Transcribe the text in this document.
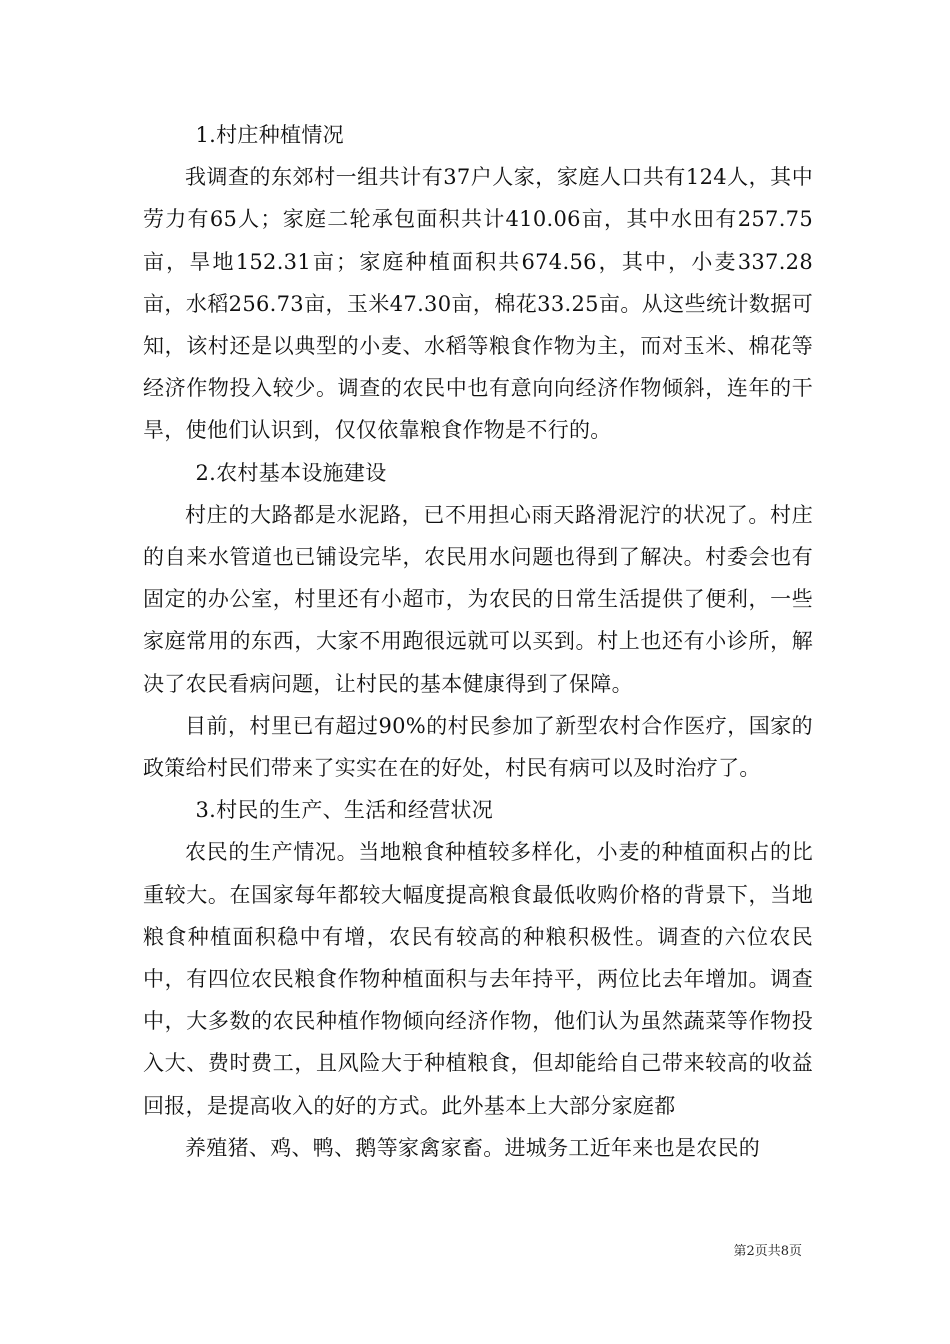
1.村庄种植情况

我调查的东郊村一组共计有37户人家，家庭人口共有124人，其中劳力有65人；家庭二轮承包面积共计410.06亩，其中水田有257.75亩，旱地152.31亩；家庭种植面积共674.56，其中，小麦337.28亩，水稻256.73亩，玉米47.30亩，棉花33.25亩。从这些统计数据可知，该村还是以典型的小麦、水稻等粮食作物为主，而对玉米、棉花等经济作物投入较少。调查的农民中也有意向向经济作物倾斜，连年的干旱，使他们认识到，仅仅依靠粮食作物是不行的。

2.农村基本设施建设

村庄的大路都是水泥路，已不用担心雨天路滑泥泞的状况了。村庄的自来水管道也已铺设完毕，农民用水问题也得到了解决。村委会也有固定的办公室，村里还有小超市，为农民的日常生活提供了便利，一些家庭常用的东西，大家不用跑很远就可以买到。村上也还有小诊所，解决了农民看病问题，让村民的基本健康得到了保障。

目前，村里已有超过90%的村民参加了新型农村合作医疗，国家的政策给村民们带来了实实在在的好处，村民有病可以及时治疗了。

3.村民的生产、生活和经营状况

农民的生产情况。当地粮食种植较多样化，小麦的种植面积占的比重较大。在国家每年都较大幅度提高粮食最低收购价格的背景下，当地粮食种植面积稳中有增，农民有较高的种粮积极性。调查的六位农民中，有四位农民粮食作物种植面积与去年持平，两位比去年增加。调查中，大多数的农民种植作物倾向经济作物，他们认为虽然蔬菜等作物投入大、费时费工，且风险大于种植粮食，但却能给自己带来较高的收益回报，是提高收入的好的方式。此外基本上大部分家庭都

养殖猪、鸡、鸭、鹅等家禽家畜。进城务工近年来也是农民的

第2页共8页
